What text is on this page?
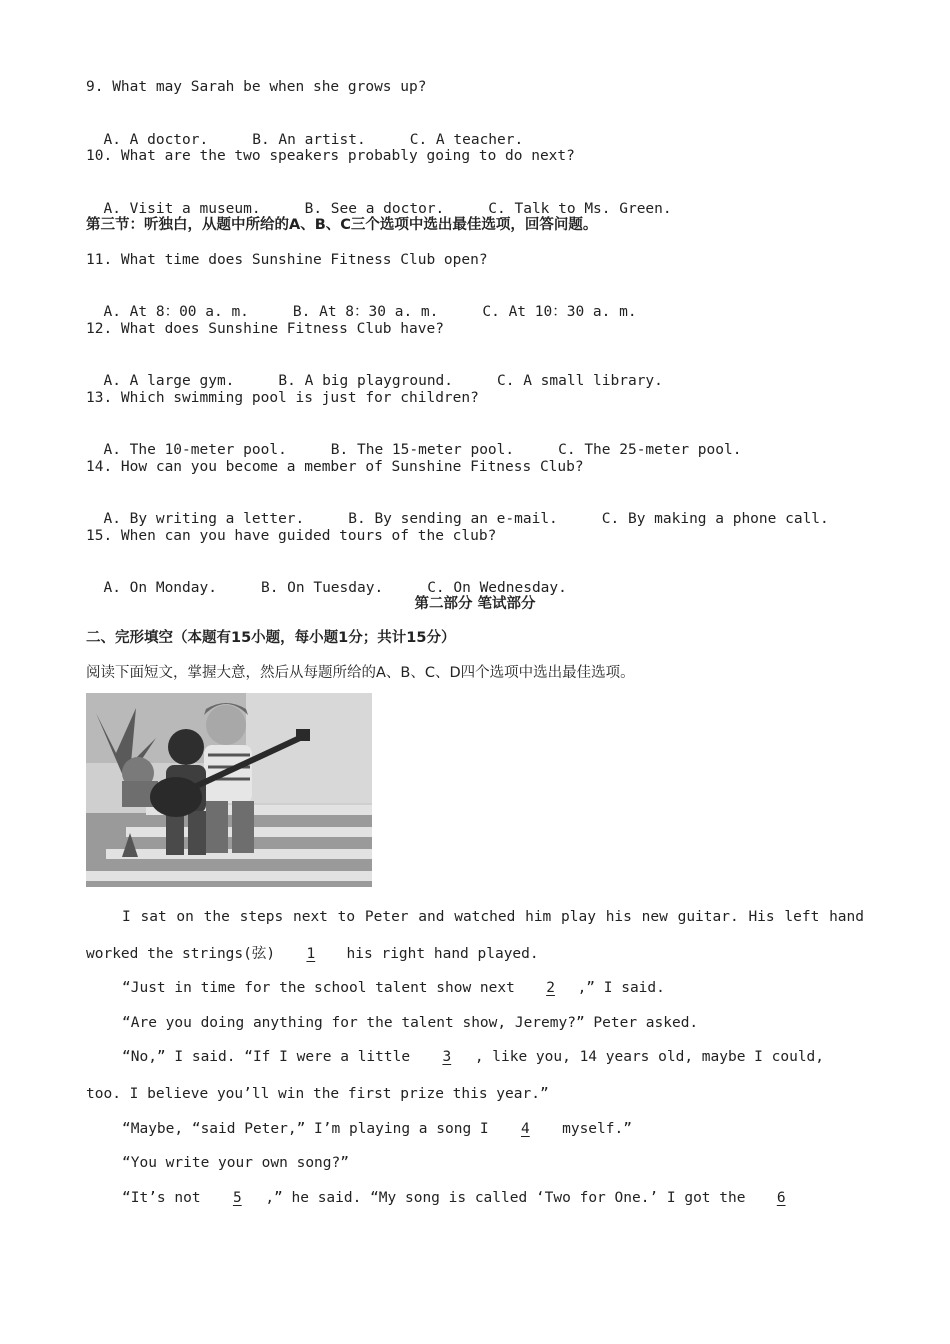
9. What may Sarah be when she grows up?

A. A doctor.	B. An artist.	C. A teacher.

10. What are the two speakers probably going to do next?

A. Visit a museum.	B. See a doctor.	C. Talk to Ms. Green.

第三节：听独白，从题中所给的A、B、C三个选项中选出最佳选项，回答问题。
11. What time does Sunshine Fitness Club open?

A. At 8：00 a. m.	B. At 8：30 a. m.	C. At 10：30 a. m.

12. What does Sunshine Fitness Club have?

A. A large gym.	B. A big playground.	C. A small library.

13. Which swimming pool is just for children?

A. The 10-meter pool.	B. The 15-meter pool.	C. The 25-meter pool.

14. How can you become a member of Sunshine Fitness Club?

A. By writing a letter.	B. By sending an e-mail.	C. By making a phone call.

15. When can you have guided tours of the club?

A. On Monday.	B. On Tuesday.	C. On Wednesday.

第二部分 笔试部分
二、完形填空（本题有15小题，每小题1分；共计15分）
阅读下面短文，掌握大意，然后从每题所给的A、B、C、D四个选项中选出最佳选项。
I sat on the steps next to Peter and watched him play his new guitar. His left hand
worked the strings(弦) 1 his right hand played.
“Just in time for the school talent show next 2 ,” I said.
“Are you doing anything for the talent show, Jeremy?” Peter asked.
“No,” I said. “If I were a little 3 , like you, 14 years old, maybe I could,
too. I believe you’ll win the first prize this year.”
“Maybe, “said Peter,” I’m playing a song I 4 myself.”
“You write your own song?”
“It’s not 5 ,” he said. “My song is called ‘Two for One.’ I got the 6
